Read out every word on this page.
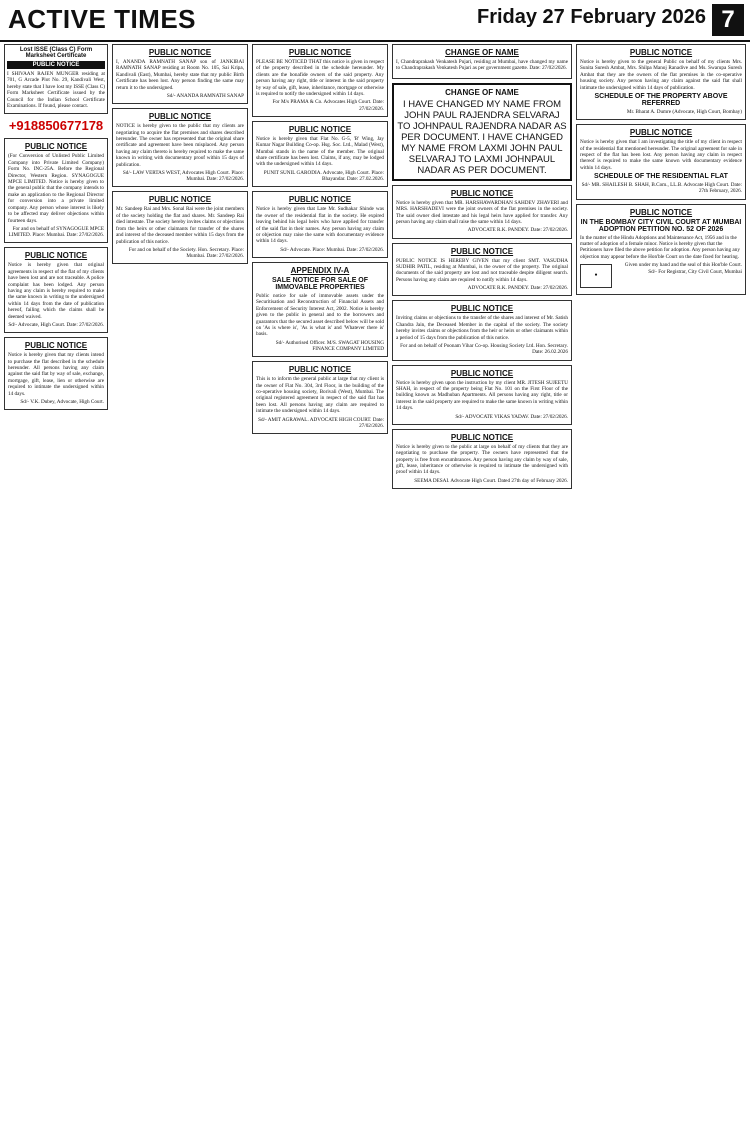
ACTIVE TIMES	Friday 27 February 2026 7
Lost ISSE (Class C) Form
Marksheet Certificate
PUBLIC NOTICE

I SHIVAAN RAJEN MUNGER residing at 701, G Arcade Plot No. 29, Kandivali West, hereby state that I have lost my ISSE (Class C) Form Marksheet Certificate issued by the Council for the Indian School Certificate Examinations. If found, please contact.

+918850677178
PUBLIC NOTICE

(For Conversion of Unlisted Public Limited Company into Private Limited Company) Form No. INC-25A. Before the Regional Director, Western Region. SYNAGOGUE MPCE LIMITED. Notice is hereby given to the general public that the company intends to make an application to the Regional Director for conversion into a private limited company. Any person whose interest is likely to be affected may deliver objections within fourteen days.

For and on behalf of SYNAGOGUE MPCE LIMITED. Place: Mumbai. Date: 27/02/2026.

PUBLIC NOTICE

Notice is hereby given that original agreements in respect of the flat of my clients have been lost and are not traceable. A police complaint has been lodged. Any person having any claim is hereby required to make the same known in writing to the undersigned within 14 days from the date of publication hereof, failing which the claims shall be deemed waived.

Sd/- Advocate, High Court. Date: 27/02/2026.

PUBLIC NOTICE

Notice is hereby given that my clients intend to purchase the flat described in the schedule hereunder. All persons having any claim against the said flat by way of sale, exchange, mortgage, gift, lease, lien or otherwise are required to intimate the undersigned within 14 days.

Sd/- V.K. Dubey, Advocate, High Court.

PUBLIC NOTICE

I, ANANDA RAMNATH SANAP son of JANKIBAI RAMNATH SANAP residing at Room No. 105, Sai Kripa, Kandivali (East), Mumbai, hereby state that my public Birth Certificate has been lost. Any person finding the same may return it to the undersigned.

Sd/- ANANDA RAMNATH SANAP

PUBLIC NOTICE

NOTICE is hereby given to the public that my clients are negotiating to acquire the flat premises and shares described hereunder. The owner has represented that the original share certificate and agreement have been misplaced. Any person having any claim thereto is hereby required to make the same known in writing with documentary proof within 15 days of publication.

Sd/- LAW VERTAS WEST, Advocates High Court. Place: Mumbai. Date: 27/02/2026.

PUBLIC NOTICE

Mr. Sandeep Rai and Mrs. Sonal Rai were the joint members of the society holding the flat and shares. Mr. Sandeep Rai died intestate. The society hereby invites claims or objections from the heirs or other claimants for transfer of the shares and interest of the deceased member within 15 days from the publication of this notice.

For and on behalf of the Society. Hon. Secretary. Place: Mumbai. Date: 27/02/2026.

PUBLIC NOTICE

PLEASE BE NOTICED THAT this notice is given in respect of the property described in the schedule hereunder. My clients are the bonafide owners of the said property. Any person having any right, title or interest in the said property by way of sale, gift, lease, inheritance, mortgage or otherwise is required to notify the undersigned within 14 days.

For M/s PRAMA & Co. Advocates High Court. Date: 27/02/2026.

PUBLIC NOTICE

Notice is hereby given that Flat No. G-5, 'B' Wing, Jay Kumar Nagar Building Co-op. Hsg. Soc. Ltd., Malad (West), Mumbai stands in the name of the member. The original share certificate has been lost. Claims, if any, may be lodged with the undersigned within 14 days.

PUNIT SUNIL GARODIA. Advocate, High Court. Place: Bhayandar. Date: 27.02.2026.

PUBLIC NOTICE

Notice is hereby given that Late Mr. Sudhakar Shinde was the owner of the residential flat in the society. He expired leaving behind his legal heirs who have applied for transfer of the said flat in their names. Any person having any claim or objection may raise the same with documentary evidence within 14 days.

Sd/- Advocate. Place: Mumbai. Date: 27/02/2026.

APPENDIX IV-A
SALE NOTICE FOR SALE OF IMMOVABLE PROPERTIES

Public notice for sale of immovable assets under the Securitisation and Reconstruction of Financial Assets and Enforcement of Security Interest Act, 2002. Notice is hereby given to the public in general and to the borrowers and guarantors that the secured asset described below will be sold on 'As is where is', 'As is what is' and 'Whatever there is' basis.

Sd/- Authorised Officer. M/S. SWAGAT HOUSING FINANCE COMPANY LIMITED

PUBLIC NOTICE

This is to inform the general public at large that my client is the owner of Flat No. 304, 3rd Floor, in the building of the co-operative housing society, Borivali (West), Mumbai. The original registered agreement in respect of the said flat has been lost. All persons having any claim are required to intimate the undersigned within 14 days.

Sd/- AMIT AGRAWAL. ADVOCATE HIGH COURT. Date: 27/02/2026.

CHANGE OF NAME

I, Chandraprakash Venkatesh Pujari, residing at Mumbai, have changed my name to Chandraprakash Venkatesh Pujari as per government gazette. Date: 27/02/2026.

CHANGE OF NAME
I HAVE CHANGED MY NAME FROM JOHN PAUL RAJENDRA SELVARAJ TO JOHNPAUL RAJENDRA NADAR AS PER DOCUMENT. I HAVE CHANGED MY NAME FROM LAXMI JOHN PAUL SELVARAJ TO LAXMI JOHNPAUL NADAR AS PER DOCUMENT.
PUBLIC NOTICE

Notice is hereby given that MR. HARSHAWARDHAN SAHDEV ZHAVERI and MRS. HARSHADEVI were the joint owners of the flat premises in the society. The said owner died intestate and his legal heirs have applied for transfer. Any person having any claim shall raise the same within 14 days.

ADVOCATE R.K. PANDEY. Date: 27/02/2026.

PUBLIC NOTICE

PUBLIC NOTICE IS HEREBY GIVEN that my client SMT. VASUDHA SUDHIR PATIL, residing at Mumbai, is the owner of the property. The original documents of the said property are lost and not traceable despite diligent search. Persons having any claim are required to notify within 14 days.

ADVOCATE R.K. PANDEY. Date: 27/02/2026.

PUBLIC NOTICE

Inviting claims or objections to the transfer of the shares and interest of Mr. Satish Chandra Jain, the Deceased Member in the capital of the society. The society hereby invites claims or objections from the heir or heirs or other claimants within a period of 15 days from the publication of this notice.

For and on behalf of Poonam Vihar Co-op. Housing Society Ltd. Hon. Secretary. Date: 26.02.2026

PUBLIC NOTICE

Notice is hereby given upon the instruction by my client MR. JITESH SUJEETU SHAH, in respect of the property being Flat No. 101 on the First Floor of the building known as Madhuban Apartments. All persons having any right, title or interest in the said property are required to make the same known in writing within 14 days.

Sd/- ADVOCATE VIKAS YADAV. Date: 27/02/2026.

PUBLIC NOTICE

Notice is hereby given to the public at large on behalf of my clients that they are negotiating to purchase the property. The owners have represented that the property is free from encumbrances. Any person having any claim by way of sale, gift, lease, inheritance or otherwise is required to intimate the undersigned with proof within 14 days.

SEEMA DESAI. Advocate High Court. Dated 27th day of February 2026.

PUBLIC NOTICE

Notice is hereby given to the general Public on behalf of my clients Mrs. Sunita Suresh Ambat, Mrs. Shilpa Manoj Ranadive and Ms. Swarupa Suresh Ambat that they are the owners of the flat premises in the co-operative housing society. Any person having any claim against the said flat shall intimate the undersigned within 14 days of publication.

SCHEDULE OF THE PROPERTY ABOVE REFERRED

Mr. Bharat A. Dumre (Advocate, High Court, Bombay)

PUBLIC NOTICE

Notice is hereby given that I am investigating the title of my client in respect of the residential flat mentioned hereunder. The original agreement for sale in respect of the flat has been lost. Any person having any claim in respect thereof is required to make the same known with documentary evidence within 14 days.

SCHEDULE OF THE RESIDENTIAL FLAT

Sd/- MR. SHAILESH B. SHAH, B.Com., LL.B. Advocate High Court. Date: 27th February, 2026.

PUBLIC NOTICE
IN THE BOMBAY CITY CIVIL COURT AT MUMBAI ADOPTION PETITION NO. 52 OF 2026

In the matter of the Hindu Adoptions and Maintenance Act, 1956 and in the matter of adoption of a female minor. Notice is hereby given that the Petitioners have filed the above petition for adoption. Any person having any objection may appear before the Hon'ble Court on the date fixed for hearing.

●

Given under my hand and the seal of this Hon'ble Court. Sd/- For Registrar, City Civil Court, Mumbai
